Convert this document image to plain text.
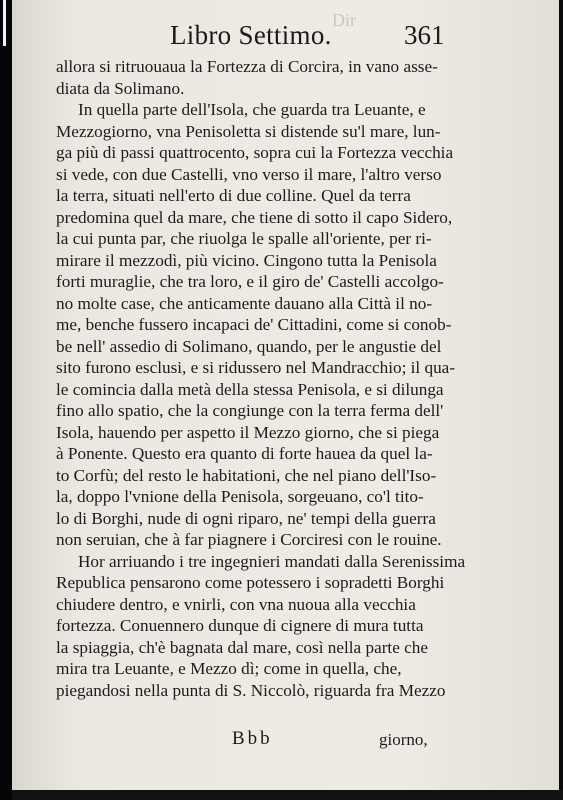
Dir
Libro Settimo.	361
allora si ritruouaua la Fortezza di Corcira, in vano asse-
diata da Solimano.
In quella parte dell'Isola, che guarda tra Leuante, e
Mezzogiorno, vna Penisoletta si distende su'l mare, lun-
ga più di passi quattrocento, sopra cui la Fortezza vecchia
si vede, con due Castelli, vno verso il mare, l'altro verso
la terra, situati nell'erto di due colline. Quel da terra
predomina quel da mare, che tiene di sotto il capo Sidero,
la cui punta par, che riuolga le spalle all'oriente, per ri-
mirare il mezzodì, più vicino. Cingono tutta la Penisola
forti muraglie, che tra loro, e il giro de' Castelli accolgo-
no molte case, che anticamente dauano alla Città il no-
me, benche fussero incapaci de' Cittadini, come si conob-
be nell' assedio di Solimano, quando, per le angustie del
sito furono esclusi, e si ridussero nel Mandracchio; il qua-
le comincia dalla metà della stessa Penisola, e si dilunga
fino allo spatio, che la congiunge con la terra ferma dell'
Isola, hauendo per aspetto il Mezzo giorno, che si piega
à Ponente. Questo era quanto di forte hauea da quel la-
to Corfù; del resto le habitationi, che nel piano dell'Iso-
la, doppo l'vnione della Penisola, sorgeuano, co'l tito-
lo di Borghi, nude di ogni riparo, ne' tempi della guerra
non seruian, che à far piagnere i Corciresi con le rouine.
Hor arriuando i tre ingegnieri mandati dalla Serenissima
Republica pensarono come potessero i sopradetti Borghi
chiudere dentro, e vnirli, con vna nuoua alla vecchia
fortezza. Conuennero dunque di cignere di mura tutta
la spiaggia, ch'è bagnata dal mare, così nella parte che
mira tra Leuante, e Mezzo dì; come in quella, che,
piegandosi nella punta di S. Niccolò, riguarda fra Mezzo
Bbb	giorno,
